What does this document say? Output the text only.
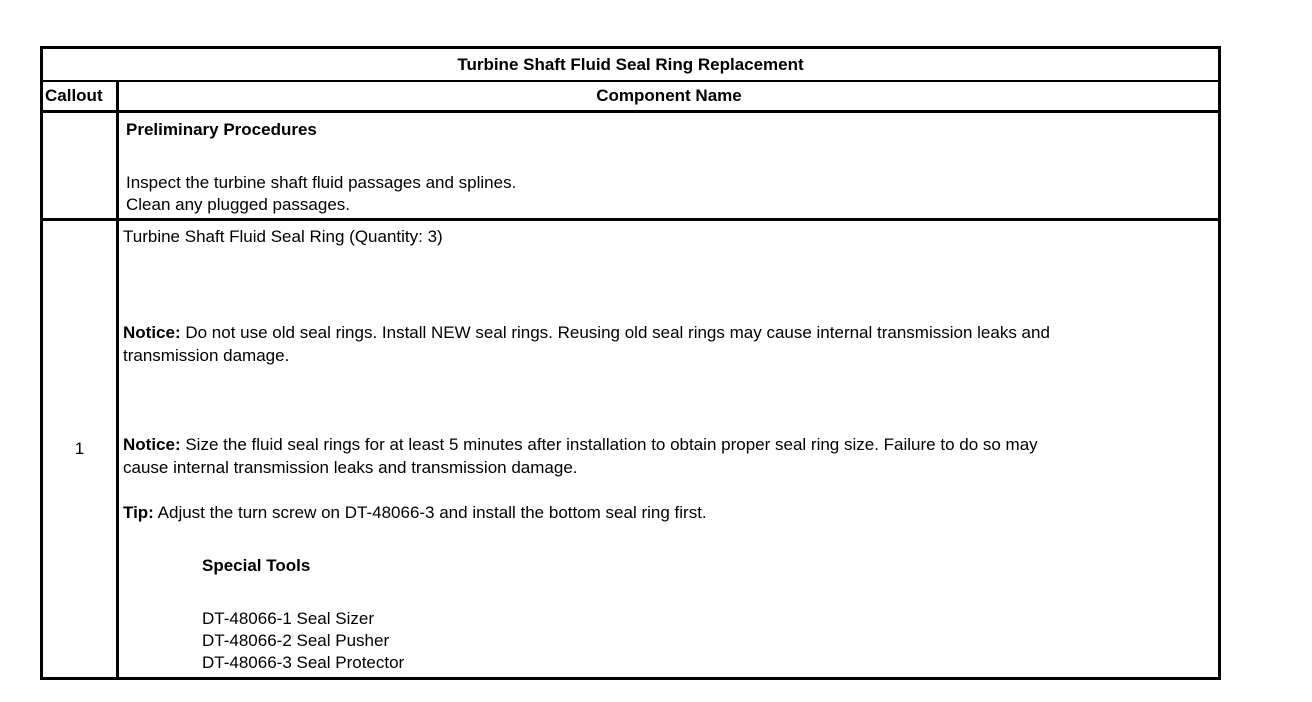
Turbine Shaft Fluid Seal Ring Replacement
Callout	Component Name
Preliminary Procedures
Inspect the turbine shaft fluid passages and splines.
Clean any plugged passages.
1
Turbine Shaft Fluid Seal Ring (Quantity: 3)
Notice: Do not use old seal rings. Install NEW seal rings. Reusing old seal rings may cause internal transmission leaks and
transmission damage.
Notice: Size the fluid seal rings for at least 5 minutes after installation to obtain proper seal ring size. Failure to do so may
cause internal transmission leaks and transmission damage.
Tip: Adjust the turn screw on DT-48066-3 and install the bottom seal ring first.
Special Tools
DT-48066-1 Seal Sizer
DT-48066-2 Seal Pusher
DT-48066-3 Seal Protector
